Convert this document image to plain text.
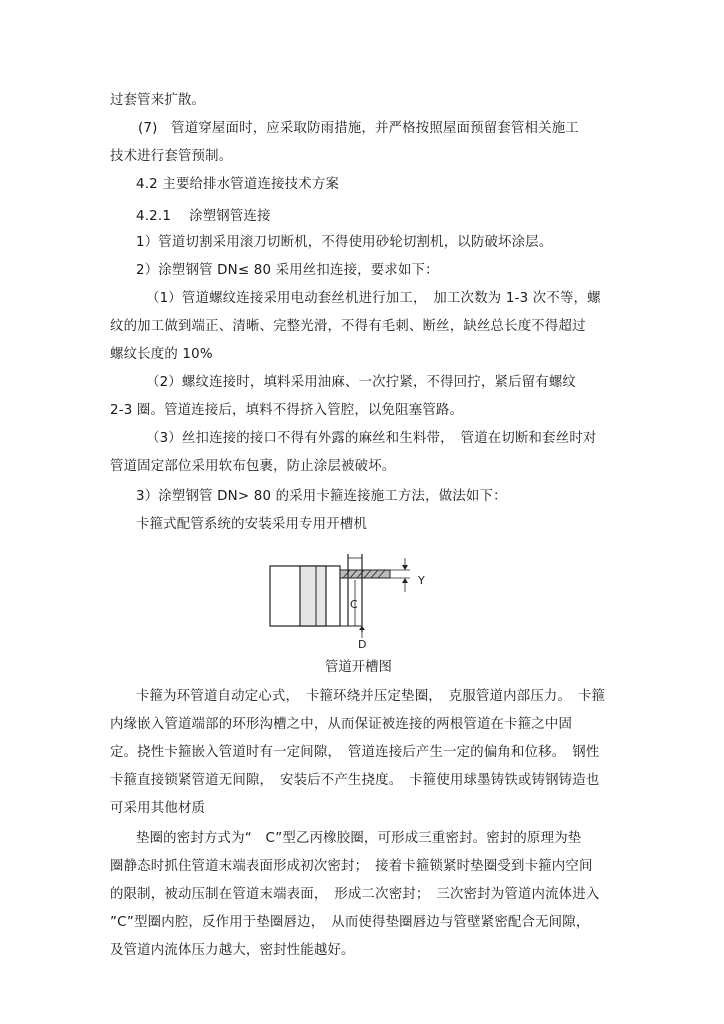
过套管来扩散。
(7)　管道穿屋面时，应采取防雨措施，并严格按照屋面预留套管相关施工
技术进行套管预制。
4.2 主要给排水管道连接技术方案
4.2.1　 涂塑钢管连接
1）管道切割采用滚刀切断机，不得使用砂轮切割机，以防破坏涂层。
2）涂塑钢管 DN≤ 80 采用丝扣连接，要求如下：
（1）管道螺纹连接采用电动套丝机进行加工，　加工次数为 1-3 次不等，螺
纹的加工做到端正、清晰、完整光滑，不得有毛刺、断丝，缺丝总长度不得超过
螺纹长度的 10%
（2）螺纹连接时，填料采用油麻、一次拧紧，不得回拧，紧后留有螺纹
2-3 圈。管道连接后，填料不得挤入管腔，以免阻塞管路。
（3）丝扣连接的接口不得有外露的麻丝和生料带，　管道在切断和套丝时对
管道固定部位采用软布包裹，防止涂层被破坏。
3）涂塑钢管 DN> 80 的采用卡箍连接施工方法，做法如下：
卡箍式配管系统的安装采用专用开槽机
C
Y
D
管道开槽图
卡箍为环管道自动定心式，　卡箍环绕并压定垫圈，　克服管道内部压力。　卡箍
内缘嵌入管道端部的环形沟槽之中，从而保证被连接的两根管道在卡箍之中固
定。挠性卡箍嵌入管道时有一定间隙，　管道连接后产生一定的偏角和位移。　钢性
卡箍直接锁紧管道无间隙，　安装后不产生挠度。　卡箍使用球墨铸铁或铸钢铸造也
可采用其他材质
垫圈的密封方式为“　C”型乙丙橡胶圈，可形成三重密封。密封的原理为垫
圈静态时抓住管道末端表面形成初次密封；　接着卡箍锁紧时垫圈受到卡箍内空间
的限制，被动压制在管道末端表面，　形成二次密封；　三次密封为管道内流体进入
”C”型圈内腔，反作用于垫圈唇边，　从而使得垫圈唇边与管壁紧密配合无间隙，
及管道内流体压力越大，密封性能越好。
